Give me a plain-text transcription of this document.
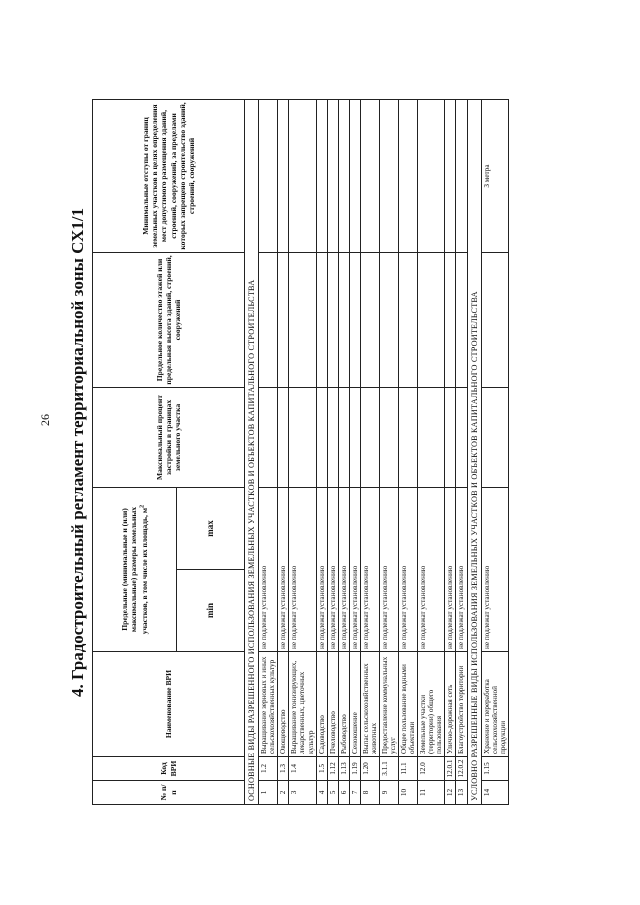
26 4. Градостроительный регламент территориальной зоны СХ1/1
№ п/п	Код ВРИ	Наименование ВРИ	Предельные (минимальные и (или) максимальные) размеры земельных участков, в том числе их площадь, $м^2$		Максимальный процент застройки в границах земельного участка	Предельное количество этажей или предельная высота зданий, строений, сооружений	Минимальные отступы от границ земельных участков в целях определения мест допустимого размещения зданий, строений, сооружений, за пределами которых запрещено строительство зданий, строений, сооружений
			min	max			
ОСНОВНЫЕ ВИДЫ РАЗРЕШЕННОГО ИСПОЛЬЗОВАНИЯ ЗЕМЕЛЬНЫХ УЧАСТКОВ И ОБЪЕКТОВ КАПИТАЛЬНОГО СТРОИТЕЛЬСТВА							
1	1.2	Выращивание зерновых и иных сельскохозяйственных культур	не подлежат установлению				
2	1.3	Овощеводство	не подлежат установлению				
3	1.4	Выращивание тонизирующих, лекарственных, цветочных культур	не подлежат установлению				
4	1.5	Садоводство	не подлежат установлению				
5	1.12	Пчеловодство	не подлежат установлению				
6	1.13	Рыбоводство	не подлежат установлению				
7	1.19	Сенокошение	не подлежат установлению				
8	1.20	Выпас сельскохозяйственных животных	не подлежат установлению				
9	3.1.1	Предоставление коммунальных услуг	не подлежат установлению				
10	11.1	Общее пользование водными объектами	не подлежат установлению				
11	12.0	Земельные участки (территории) общего пользования	не подлежат установлению				
12	12.0.1	Улично-дорожная сеть	не подлежат установлению				
13	12.0.2	Благоустройство территории	не подлежат установлению				
УСЛОВНО РАЗРЕШЕННЫЕ ВИДЫ ИСПОЛЬЗОВАНИЯ ЗЕМЕЛЬНЫХ УЧАСТКОВ И ОБЪЕКТОВ КАПИТАЛЬНОГО СТРОИТЕЛЬСТВА							
14	1.15	Хранение и переработка сельскохозяйственной продукции	не подлежат установлению				3 метра
